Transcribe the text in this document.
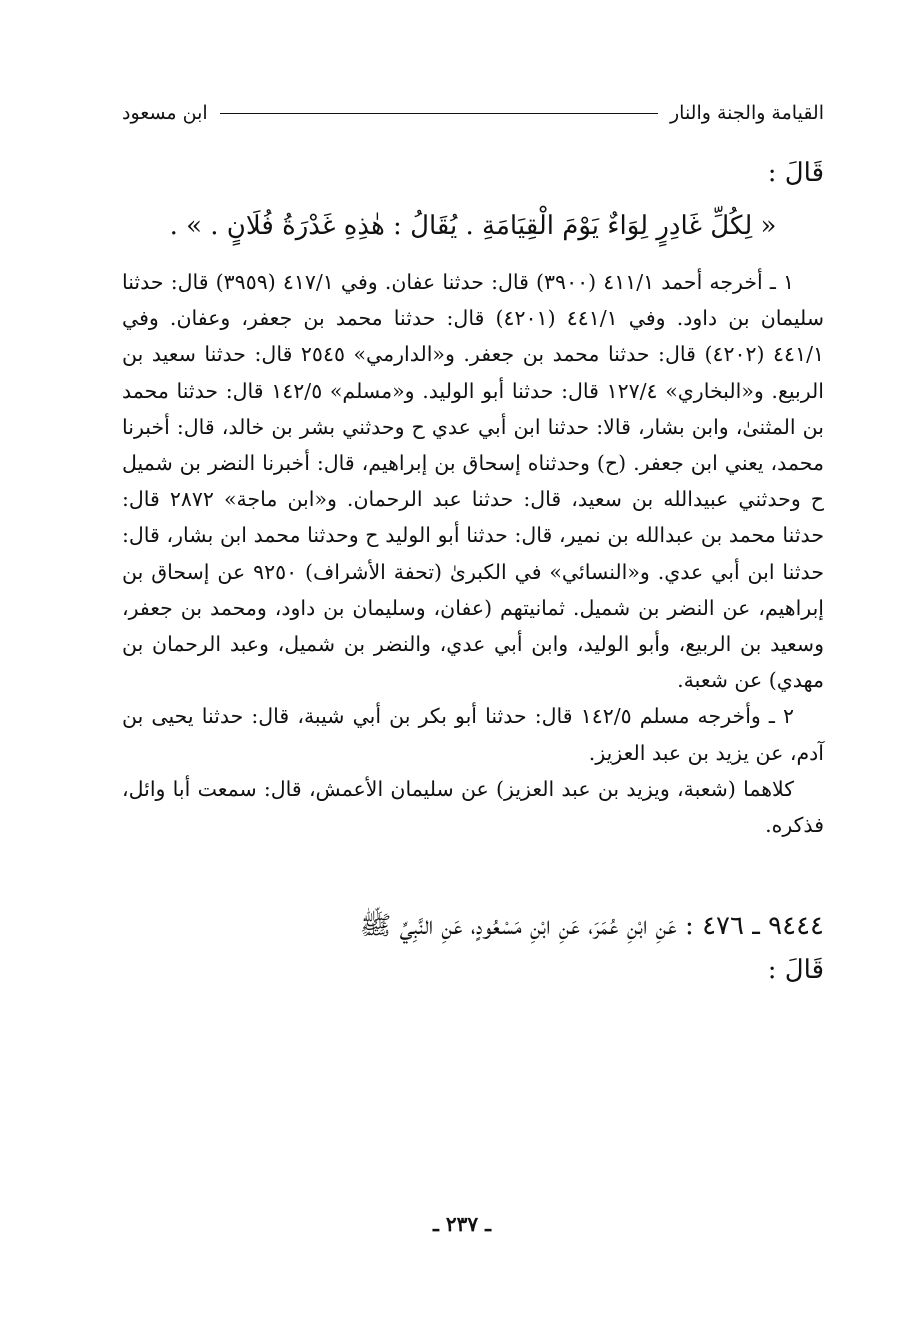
القيامة والجنة والنار
ابن مسعود

قَالَ :

« لِكُلِّ غَادِرٍ لِوَاءٌ يَوْمَ الْقِيَامَةِ . يُقَالُ : هٰذِهِ غَدْرَةُ فُلَانٍ . » .

١ ـ أخرجه أحمد ٤١١/١ (٣٩٠٠) قال: حدثنا عفان. وفي ٤١٧/١ (٣٩٥٩) قال: حدثنا سليمان بن داود. وفي ٤٤١/١ (٤٢٠١) قال: حدثنا محمد بن جعفر، وعفان. وفي ٤٤١/١ (٤٢٠٢) قال: حدثنا محمد بن جعفر. و«الدارمي» ٢٥٤٥ قال: حدثنا سعيد بن الربيع. و«البخاري» ١٢٧/٤ قال: حدثنا أبو الوليد. و«مسلم» ١٤٢/٥ قال: حدثنا محمد بن المثنىٰ، وابن بشار، قالا: حدثنا ابن أبي عدي ح وحدثني بشر بن خالد، قال: أخبرنا محمد، يعني ابن جعفر. (ح) وحدثناه إسحاق بن إبراهيم، قال: أخبرنا النضر بن شميل ح وحدثني عبيدالله بن سعيد، قال: حدثنا عبد الرحمان. و«ابن ماجة» ٢٨٧٢ قال: حدثنا محمد بن عبدالله بن نمير، قال: حدثنا أبو الوليد ح وحدثنا محمد ابن بشار، قال: حدثنا ابن أبي عدي. و«النسائي» في الكبرىٰ (تحفة الأشراف) ٩٢٥٠ عن إسحاق بن إبراهيم، عن النضر بن شميل. ثمانيتهم (عفان، وسليمان بن داود، ومحمد بن جعفر، وسعيد بن الربيع، وأبو الوليد، وابن أبي عدي، والنضر بن شميل، وعبد الرحمان بن مهدي) عن شعبة.

٢ ـ وأخرجه مسلم ١٤٢/٥ قال: حدثنا أبو بكر بن أبي شيبة، قال: حدثنا يحيى بن آدم، عن يزيد بن عبد العزيز.

كلاهما (شعبة، ويزيد بن عبد العزيز) عن سليمان الأعمش، قال: سمعت أبا وائل، فذكره.

٩٤٤٤ ـ ٤٧٦ : عَنِ ابْنِ عُمَرَ، عَنِ ابْنِ مَسْعُودٍ، عَنِ النَّبِيِّ ﷺ

قَالَ :

ـ ٢٣٧ ـ
